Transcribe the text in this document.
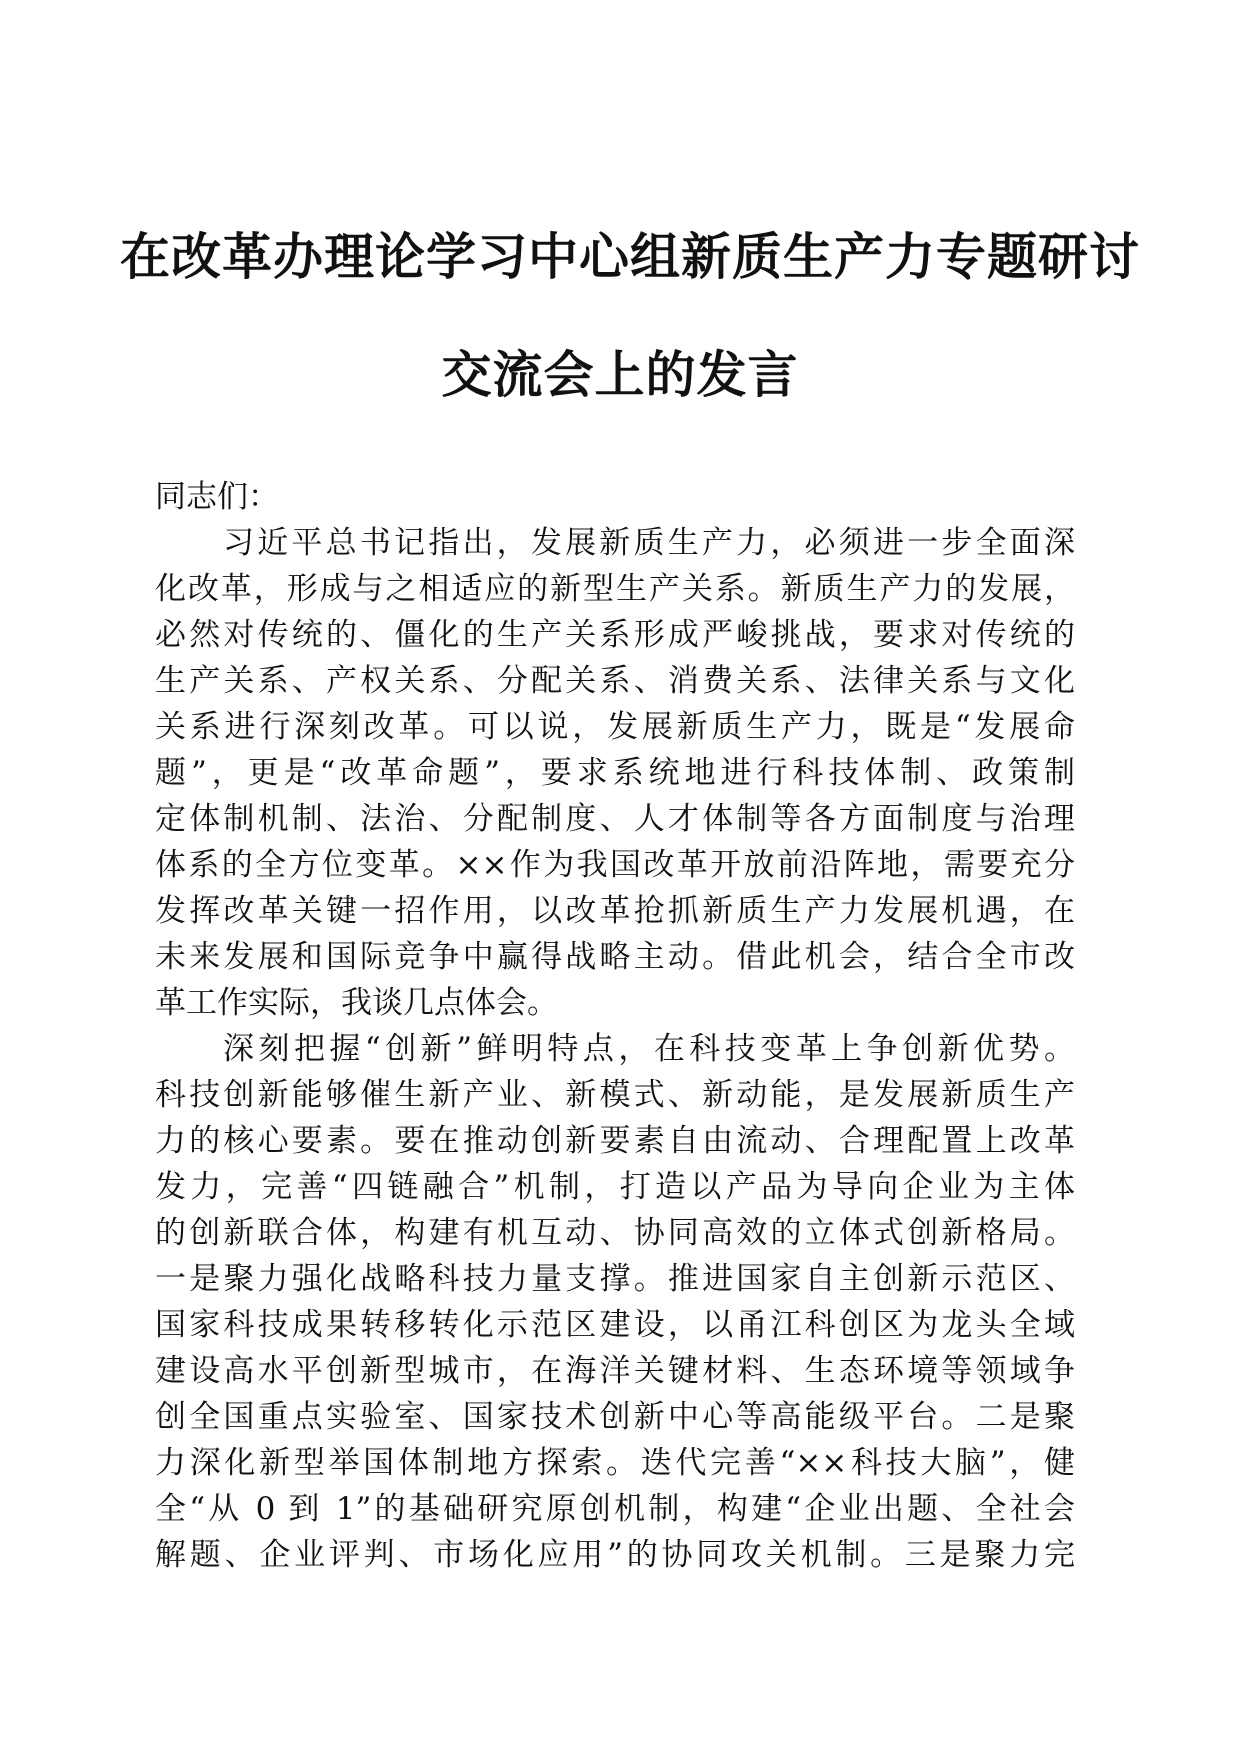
在改革办理论学习中心组新质生产力专题研讨
交流会上的发言
同志们：
习近平总书记指出，发展新质生产力，必须进一步全面深
化改革，形成与之相适应的新型生产关系。新质生产力的发展，
必然对传统的、僵化的生产关系形成严峻挑战，要求对传统的
生产关系、产权关系、分配关系、消费关系、法律关系与文化
关系进行深刻改革。可以说，发展新质生产力，既是“发展命
题”，更是“改革命题”，要求系统地进行科技体制、政策制
定体制机制、法治、分配制度、人才体制等各方面制度与治理
体系的全方位变革。××作为我国改革开放前沿阵地，需要充分
发挥改革关键一招作用，以改革抢抓新质生产力发展机遇，在
未来发展和国际竞争中赢得战略主动。借此机会，结合全市改
革工作实际，我谈几点体会。
深刻把握“创新”鲜明特点，在科技变革上争创新优势。
科技创新能够催生新产业、新模式、新动能，是发展新质生产
力的核心要素。要在推动创新要素自由流动、合理配置上改革
发力，完善“四链融合”机制，打造以产品为导向企业为主体
的创新联合体，构建有机互动、协同高效的立体式创新格局。
一是聚力强化战略科技力量支撑。推进国家自主创新示范区、
国家科技成果转移转化示范区建设，以甬江科创区为龙头全域
建设高水平创新型城市，在海洋关键材料、生态环境等领域争
创全国重点实验室、国家技术创新中心等高能级平台。二是聚
力深化新型举国体制地方探索。迭代完善“××科技大脑”，健
全“从 0 到 1”的基础研究原创机制，构建“企业出题、全社会
解题、企业评判、市场化应用”的协同攻关机制。三是聚力完
